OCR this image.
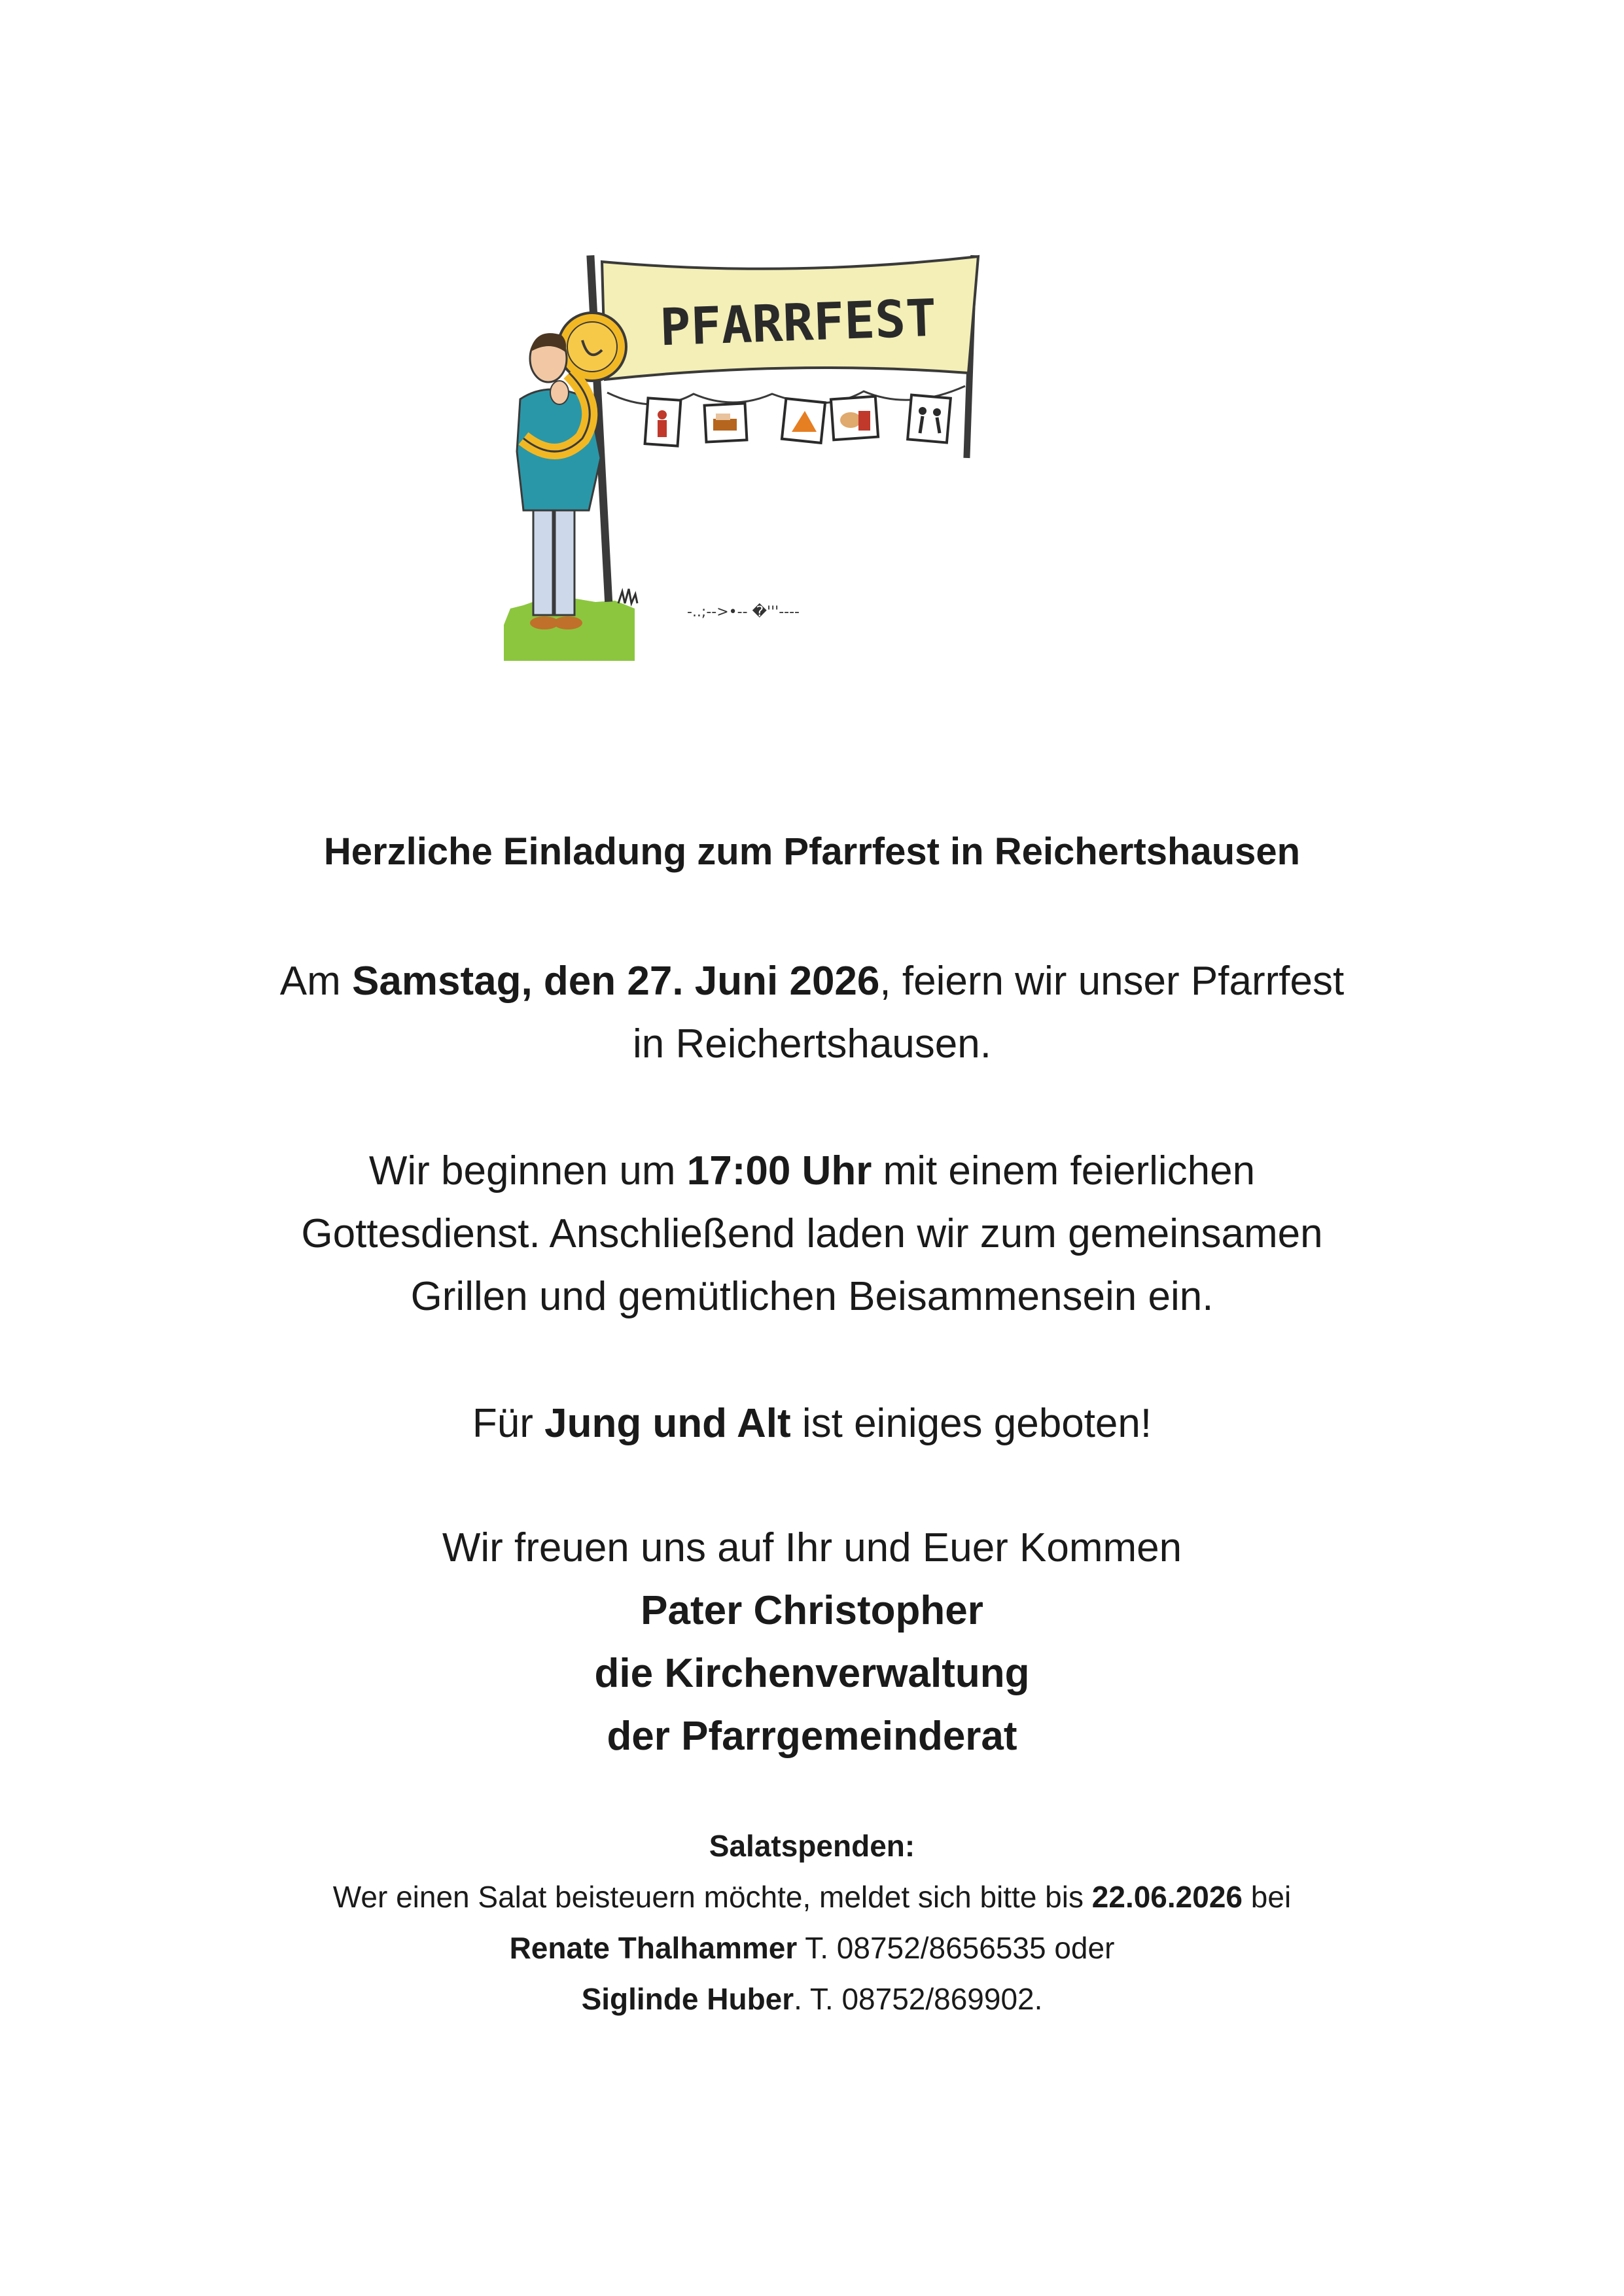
PFARRFEST
-..;-->•-- �'''----
Herzliche Einladung zum Pfarrfest in Reichertshausen
Am Samstag, den 27. Juni 2026, feiern wir unser Pfarrfest
in Reichertshausen.
Wir beginnen um 17:00 Uhr mit einem feierlichen
Gottesdienst. Anschließend laden wir zum gemeinsamen
Grillen und gemütlichen Beisammensein ein.
Für Jung und Alt ist einiges geboten!
Wir freuen uns auf Ihr und Euer Kommen
Pater Christopher
die Kirchenverwaltung
der Pfarrgemeinderat
Salatspenden:
Wer einen Salat beisteuern möchte, meldet sich bitte bis 22.06.2026 bei
Renate Thalhammer T. 08752/8656535 oder
Siglinde Huber. T. 08752/869902.
